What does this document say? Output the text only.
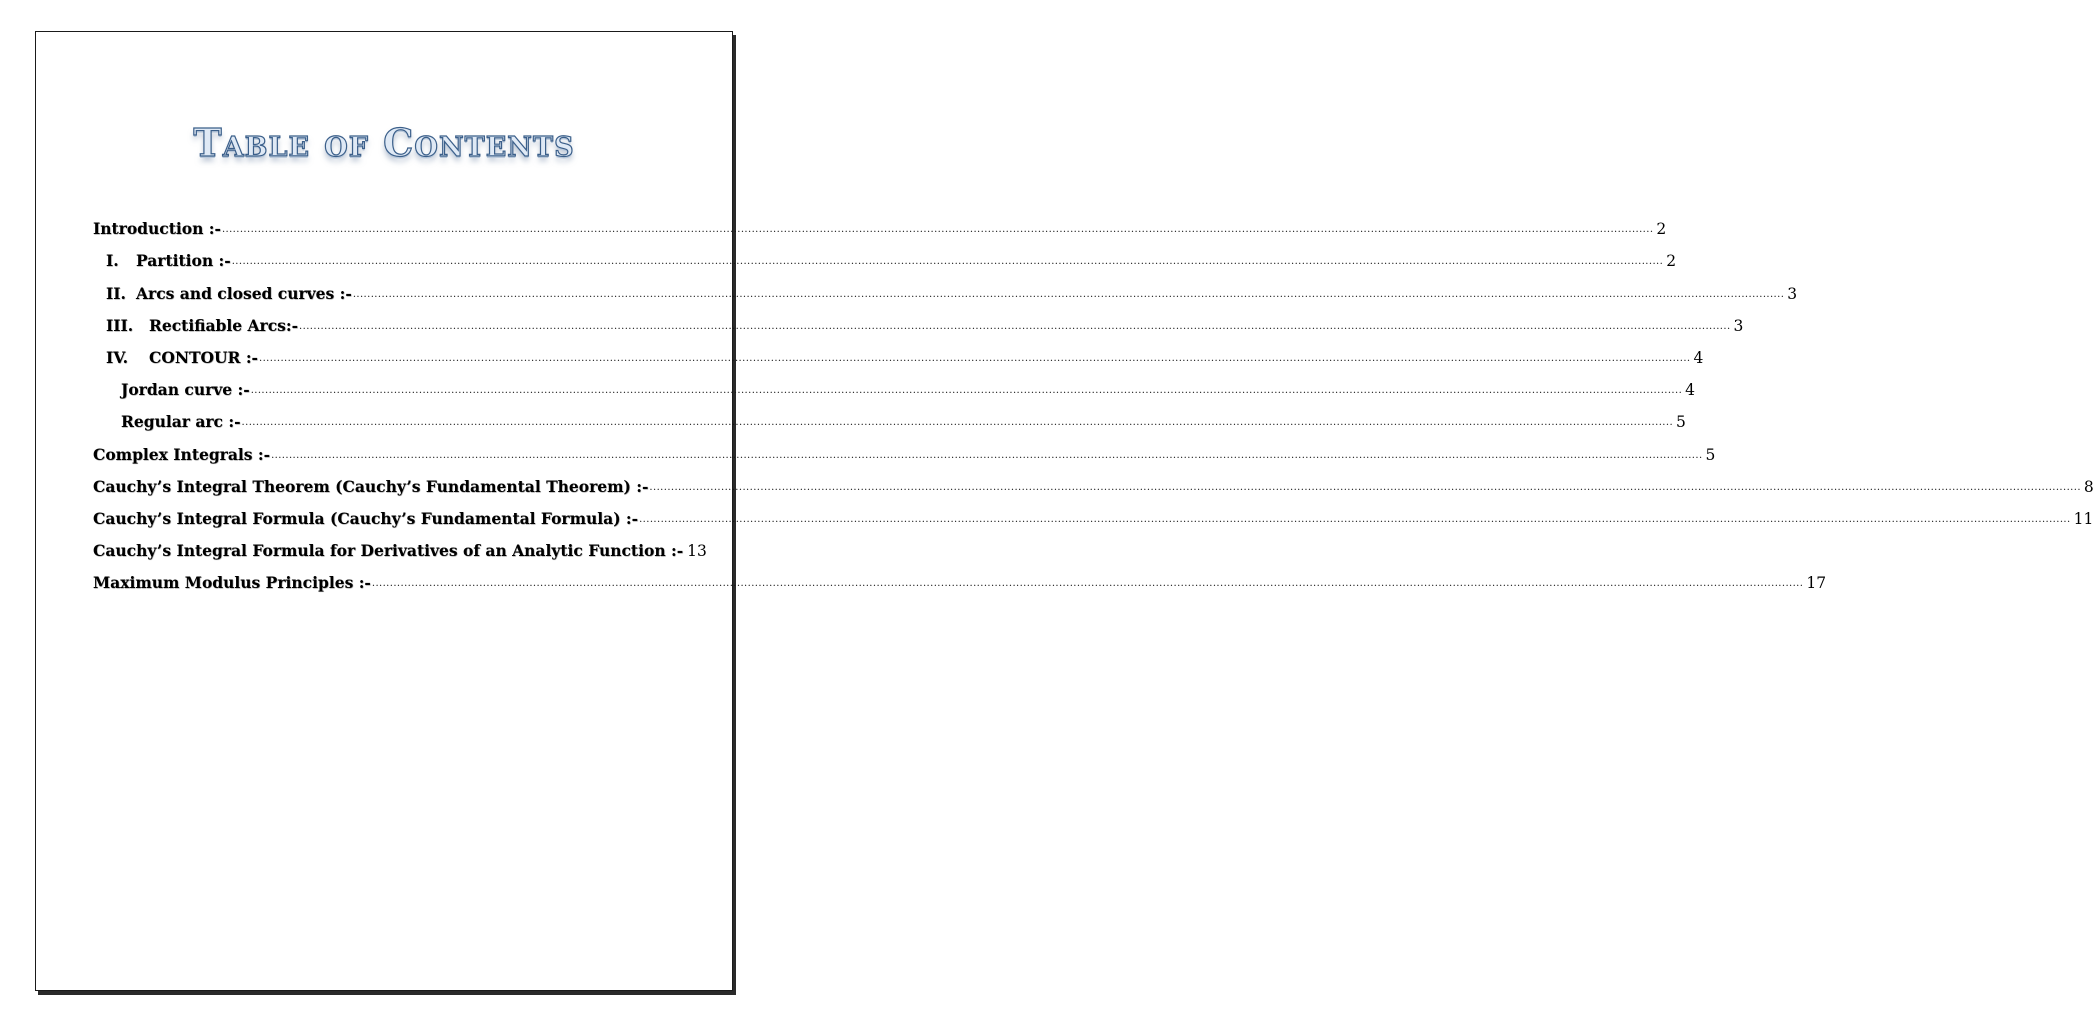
Table of Contents
Introduction :- ................................................................................................................................................................................................................................................................................................................................................................................................................ 2
I.	Partition :- ................................................................................................................................................................................................................................................................................................................................................................................................................ 2
II. Arcs and closed curves :- ................................................................................................................................................................................................................................................................................................................................................................................................................ 3
III.	Rectifiable Arcs:- ................................................................................................................................................................................................................................................................................................................................................................................................................ 3
IV.	CONTOUR :- ................................................................................................................................................................................................................................................................................................................................................................................................................ 4
Jordan curve :- ................................................................................................................................................................................................................................................................................................................................................................................................................ 4
Regular arc :- ................................................................................................................................................................................................................................................................................................................................................................................................................ 5
Complex Integrals :- ................................................................................................................................................................................................................................................................................................................................................................................................................ 5
Cauchy’s Integral Theorem (Cauchy’s Fundamental Theorem) :- ................................................................................................................................................................................................................................................................................................................................................................................................................ 8
Cauchy’s Integral Formula (Cauchy’s Fundamental Formula) :- ................................................................................................................................................................................................................................................................................................................................................................................................................ 11
Cauchy’s Integral Formula for Derivatives of an Analytic Function :- 13
Maximum Modulus Principles :- ................................................................................................................................................................................................................................................................................................................................................................................................................ 17
